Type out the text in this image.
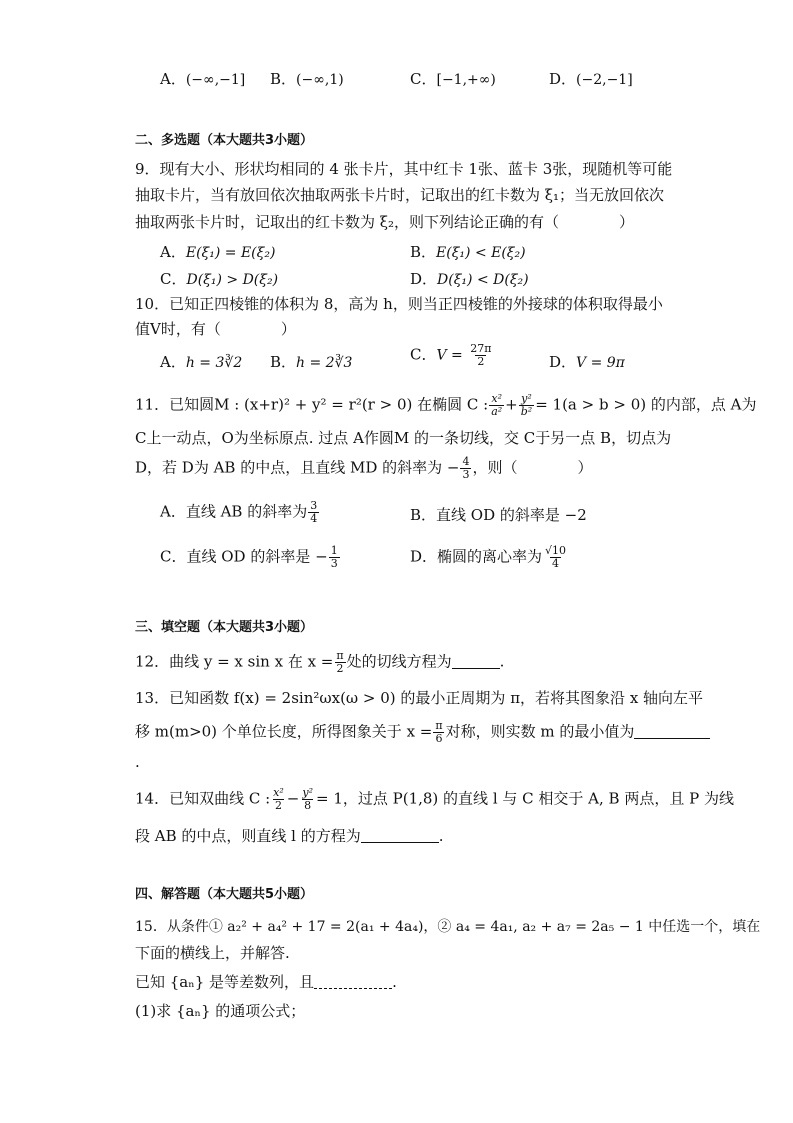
A．(−∞,−1] B．(−∞,1)	C．[−1,+∞)	D．(−2,−1]
二、多选题（本大题共3小题）
9．现有大小、形状均相同的 4 张卡片，其中红卡 1张、蓝卡 3张，现随机等可能
抽取卡片，当有放回依次抽取两张卡片时，记取出的红卡数为 ξ₁；当无放回依次
抽取两张卡片时，记取出的红卡数为 ξ₂，则下列结论正确的有（　　　　）
A．E(ξ₁) = E(ξ₂)	B．E(ξ₁) < E(ξ₂)
C．D(ξ₁) > D(ξ₂)	D．D(ξ₁) < D(ξ₂)
10．已知正四棱锥的体积为 8，高为 h，则当正四棱锥的外接球的体积取得最小
值V时，有（　　　　）
A．h = 3∛2 B．h = 2∛3	C．$V = \frac{27\pi}{2}$	D．V = 9π
11．已知圆M : (x+r)² + y² = r²(r > 0) 在椭圆 C : $\frac{\text{x²}}{\text{a²}} + \frac{\text{y²}}{\text{b²}} = 1(a > b > 0)$ 的内部，点 A为
C上一动点，O为坐标原点. 过点 A作圆M 的一条切线，交 C于另一点 B，切点为
D，若 D为 AB 的中点，且直线 MD 的斜率为 − $\frac{4}{3}$ ，则（　　　　）
A．直线 AB 的斜率为 $\frac{3}{4}$	B．直线 OD 的斜率是 −2
C．直线 OD 的斜率是 − $\frac{1}{3}$	D．椭圆的离心率为 $\frac{√10}{4}$
三、填空题（本大题共3小题）
12．曲线 y = x sin x 在 $x = \frac{\pi}{2}$ 处的切线方程为	.
13．已知函数 f(x) = 2sin²ωx(ω > 0) 的最小正周期为 π，若将其图象沿 x 轴向左平
移 m(m>0) 个单位长度，所得图象关于 $x = \frac{\pi}{6}$ 对称，则实数 m 的最小值为
.
14．已知双曲线 C : $\frac{\text{x²}}{2} - \frac{\text{y²}}{8} = 1$，过点 P(1,8) 的直线 l 与 C 相交于 A, B 两点，且 P 为线
段 AB 的中点，则直线 l 的方程为	.
四、解答题（本大题共5小题）
15．从条件① a₂² + a₄² + 17 = 2(a₁ + 4a₄)，② a₄ = 4a₁, a₂ + a₇ = 2a₅ − 1 中任选一个，填在
下面的横线上，并解答.
已知 {aₙ} 是等差数列，且	.
(1)求 {aₙ} 的通项公式；
